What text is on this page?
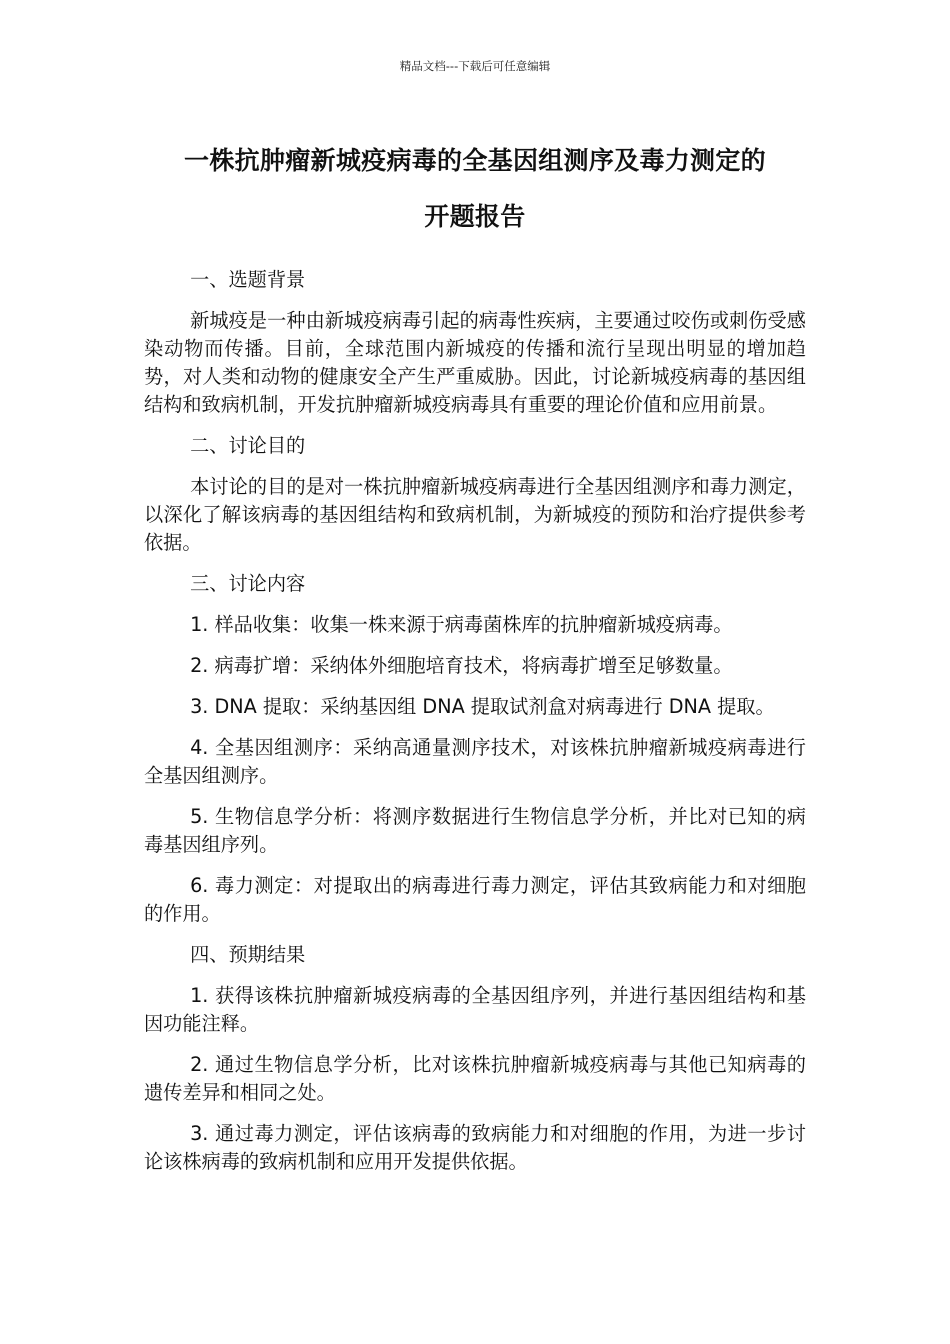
精品文档---下载后可任意编辑
一株抗肿瘤新城疫病毒的全基因组测序及毒力测定的
开题报告

一、选题背景

新城疫是一种由新城疫病毒引起的病毒性疾病，主要通过咬伤或刺伤受感染动物而传播。目前，全球范围内新城疫的传播和流行呈现出明显的增加趋势，对人类和动物的健康安全产生严重威胁。因此，讨论新城疫病毒的基因组结构和致病机制，开发抗肿瘤新城疫病毒具有重要的理论价值和应用前景。

二、讨论目的

本讨论的目的是对一株抗肿瘤新城疫病毒进行全基因组测序和毒力测定，以深化了解该病毒的基因组结构和致病机制，为新城疫的预防和治疗提供参考依据。

三、讨论内容

1. 样品收集：收集一株来源于病毒菌株库的抗肿瘤新城疫病毒。

2. 病毒扩增：采纳体外细胞培育技术，将病毒扩增至足够数量。

3. DNA 提取：采纳基因组 DNA 提取试剂盒对病毒进行 DNA 提取。

4. 全基因组测序：采纳高通量测序技术，对该株抗肿瘤新城疫病毒进行全基因组测序。

5. 生物信息学分析：将测序数据进行生物信息学分析，并比对已知的病毒基因组序列。

6. 毒力测定：对提取出的病毒进行毒力测定，评估其致病能力和对细胞的作用。

四、预期结果

1. 获得该株抗肿瘤新城疫病毒的全基因组序列，并进行基因组结构和基因功能注释。

2. 通过生物信息学分析，比对该株抗肿瘤新城疫病毒与其他已知病毒的遗传差异和相同之处。

3. 通过毒力测定，评估该病毒的致病能力和对细胞的作用，为进一步讨论该株病毒的致病机制和应用开发提供依据。
